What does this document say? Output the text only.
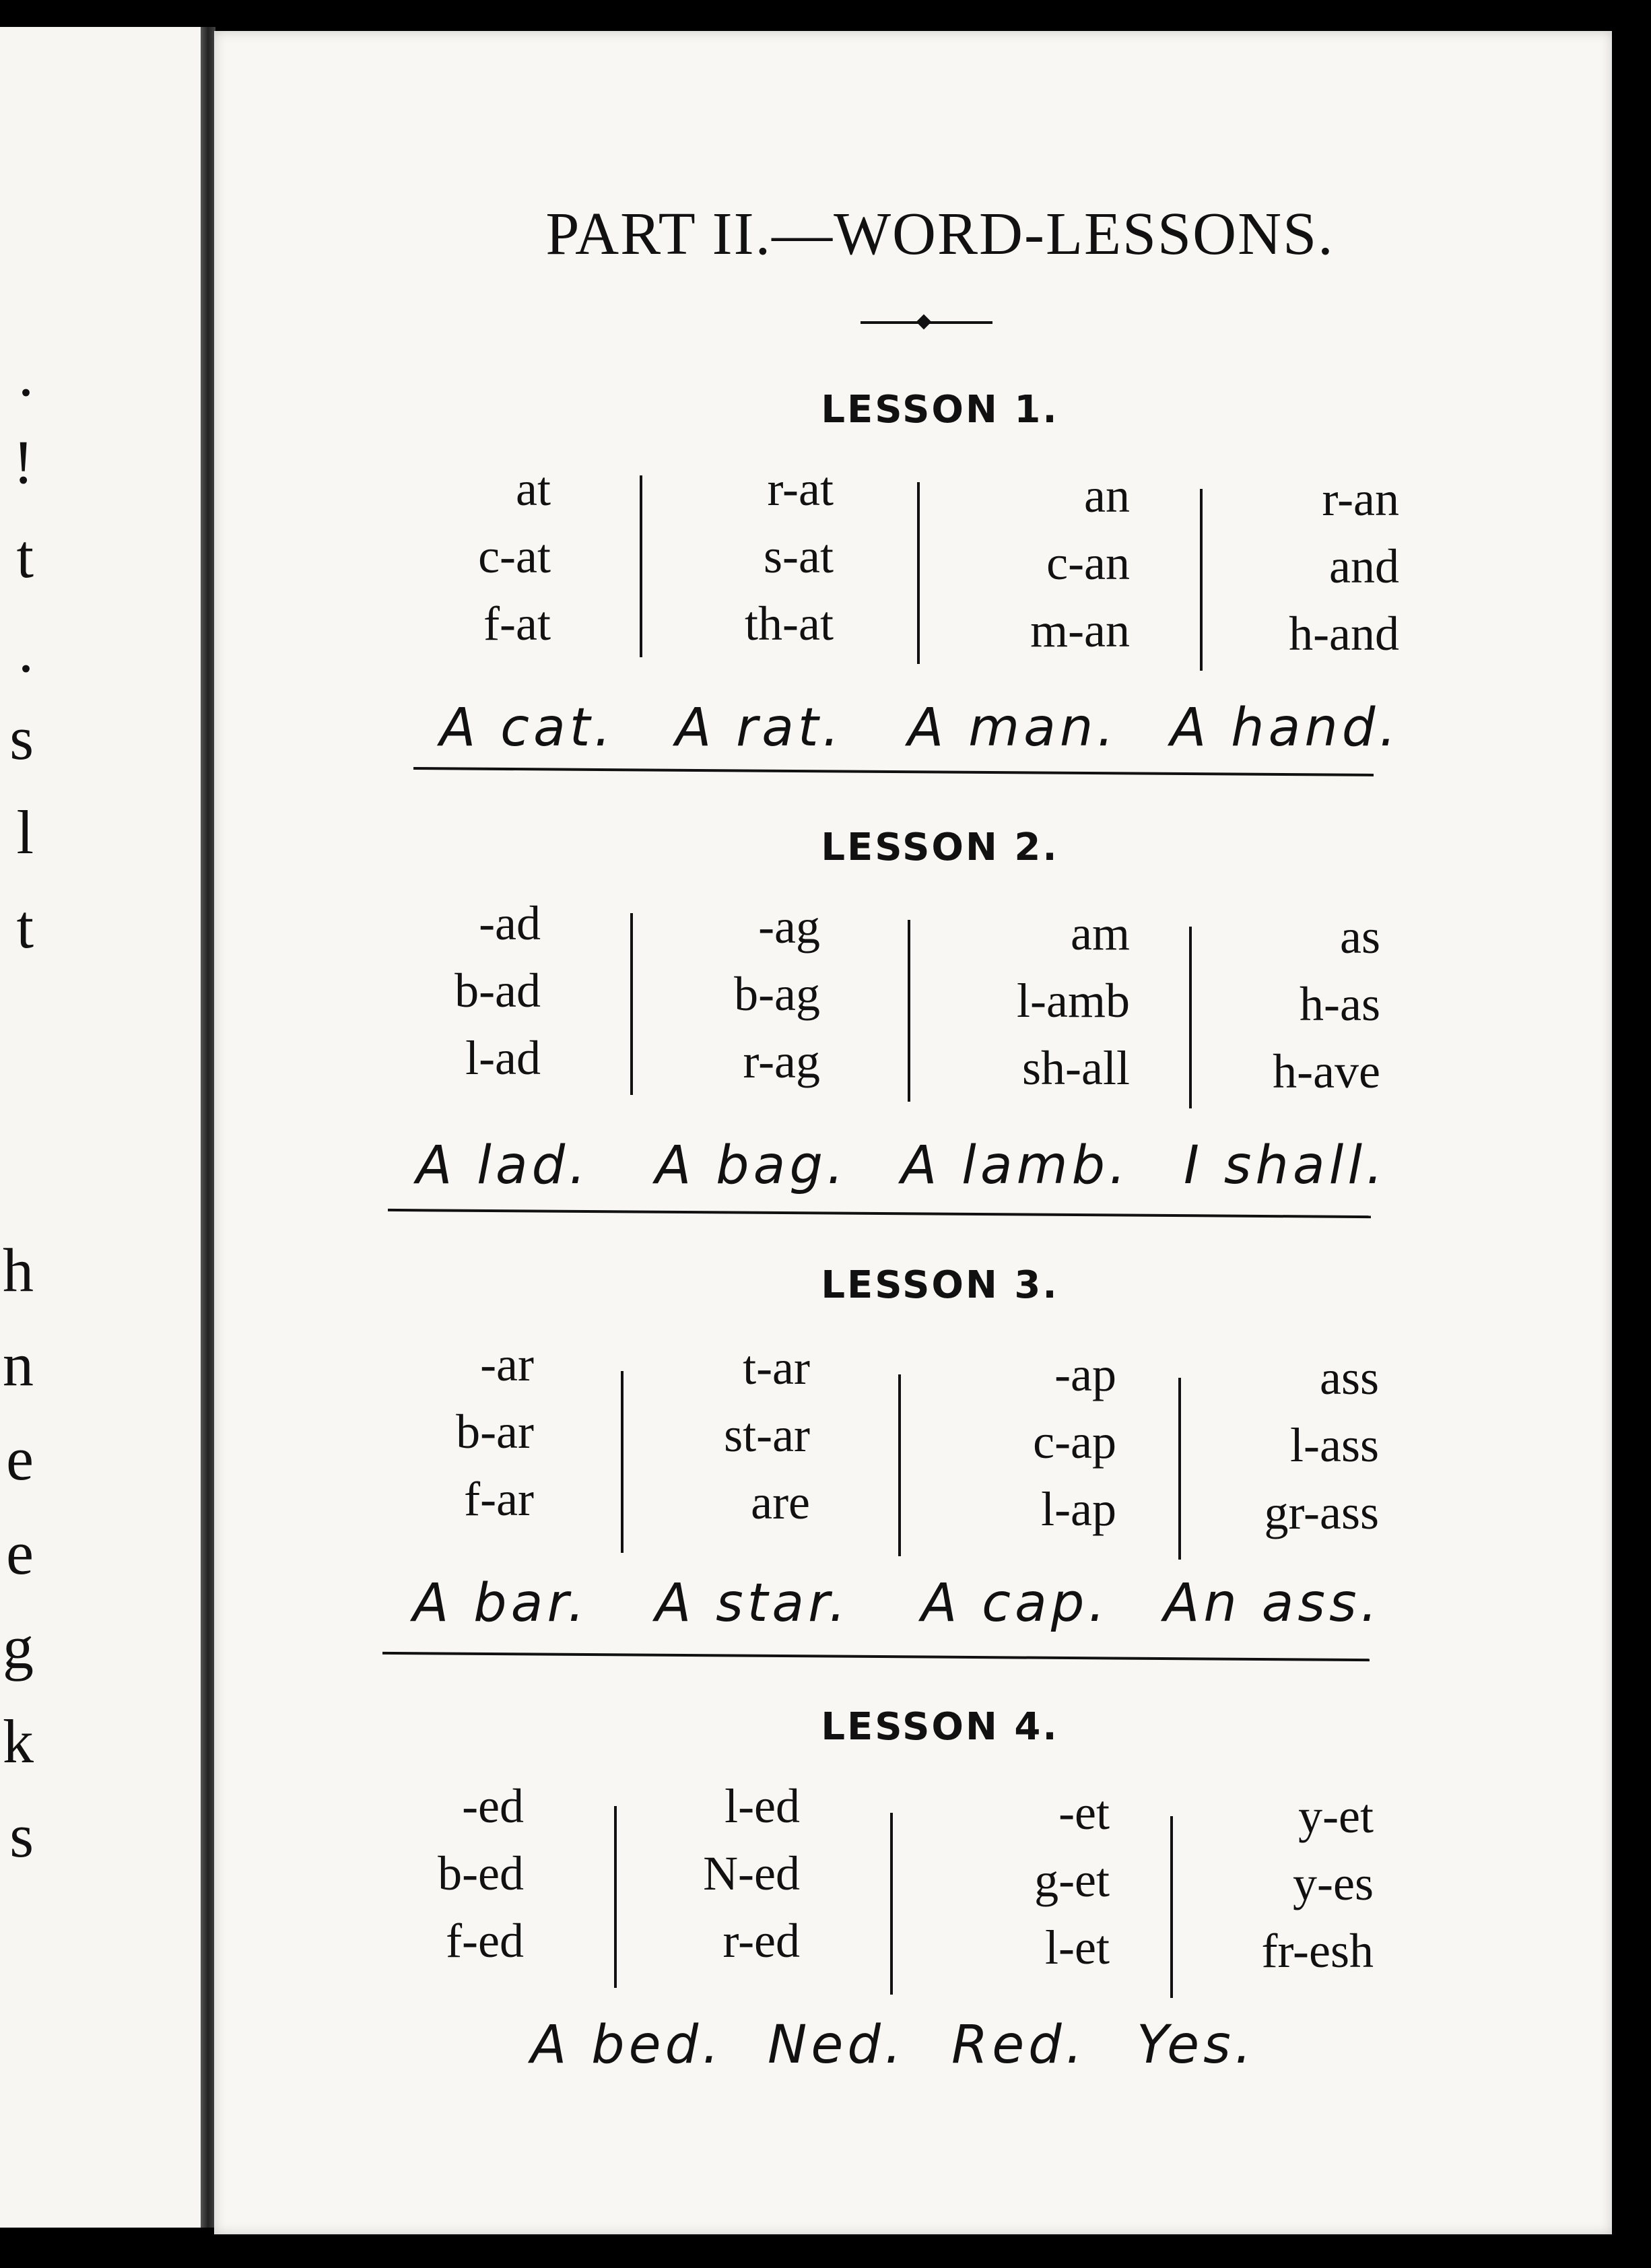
.
!
t
.
s
l
t
h
n
e
e
g
k
s
PART II.—WORD-LESSONS.
LESSON 1.
at
c-at
f-at
r-at
s-at
th-at
an
c-an
m-an
r-an
and
h-and
A cat. A rat. A man. A hand.
LESSON 2.
-ad
b-ad
l-ad
-ag
b-ag
r-ag
am
l-amb
sh-all
as
h-as
h-ave
A lad. A bag. A lamb. I shall.
LESSON 3.
-ar
b-ar
f-ar
t-ar
st-ar
are
-ap
c-ap
l-ap
ass
l-ass
gr-ass
A bar. A star. A cap. An ass.
LESSON 4.
-ed
b-ed
f-ed
l-ed
N-ed
r-ed
-et
g-et
l-et
y-et
y-es
fr-esh
A bed. Ned. Red. Yes.
